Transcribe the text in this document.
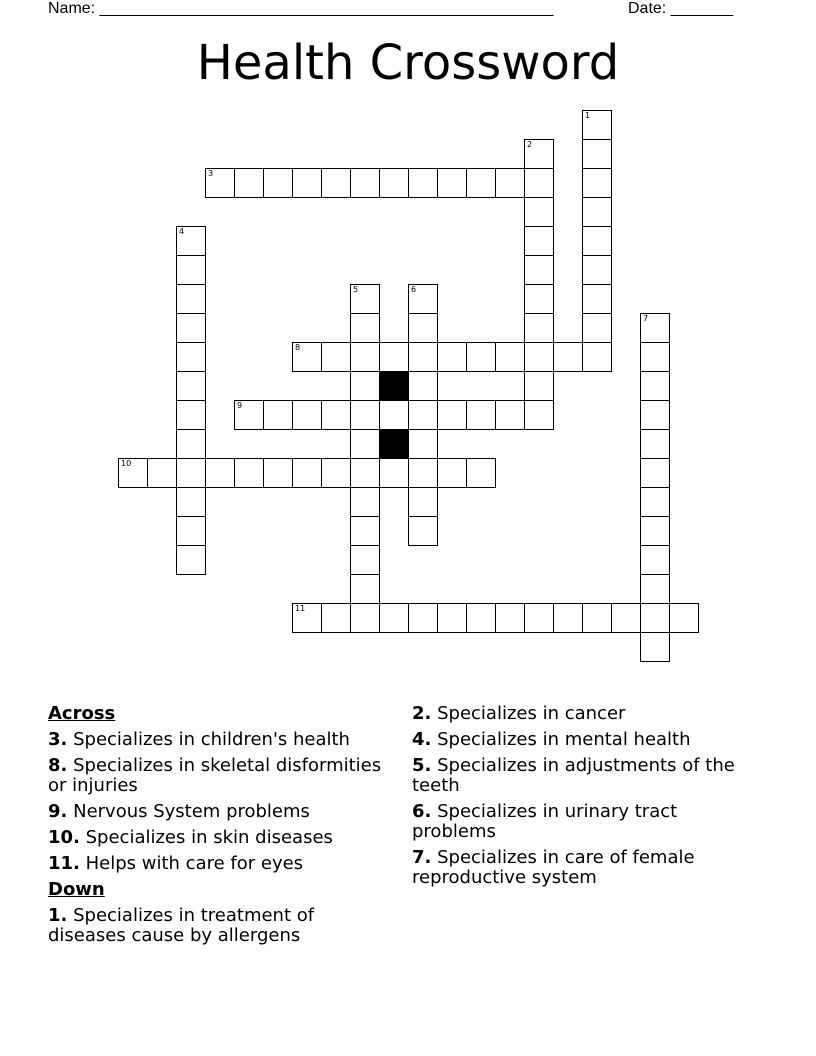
Name: ___________________________________________________	Date: _______
Health Crossword
1
2
3
4
5	6
7
8
9
10
11
Across
3. Specializes in children's health
8. Specializes in skeletal disformities or injuries
9. Nervous System problems
10. Specializes in skin diseases
11. Helps with care for eyes
Down
1. Specializes in treatment of diseases cause by allergens
2. Specializes in cancer
4. Specializes in mental health
5. Specializes in adjustments of the teeth
6. Specializes in urinary tract problems
7. Specializes in care of female reproductive system
